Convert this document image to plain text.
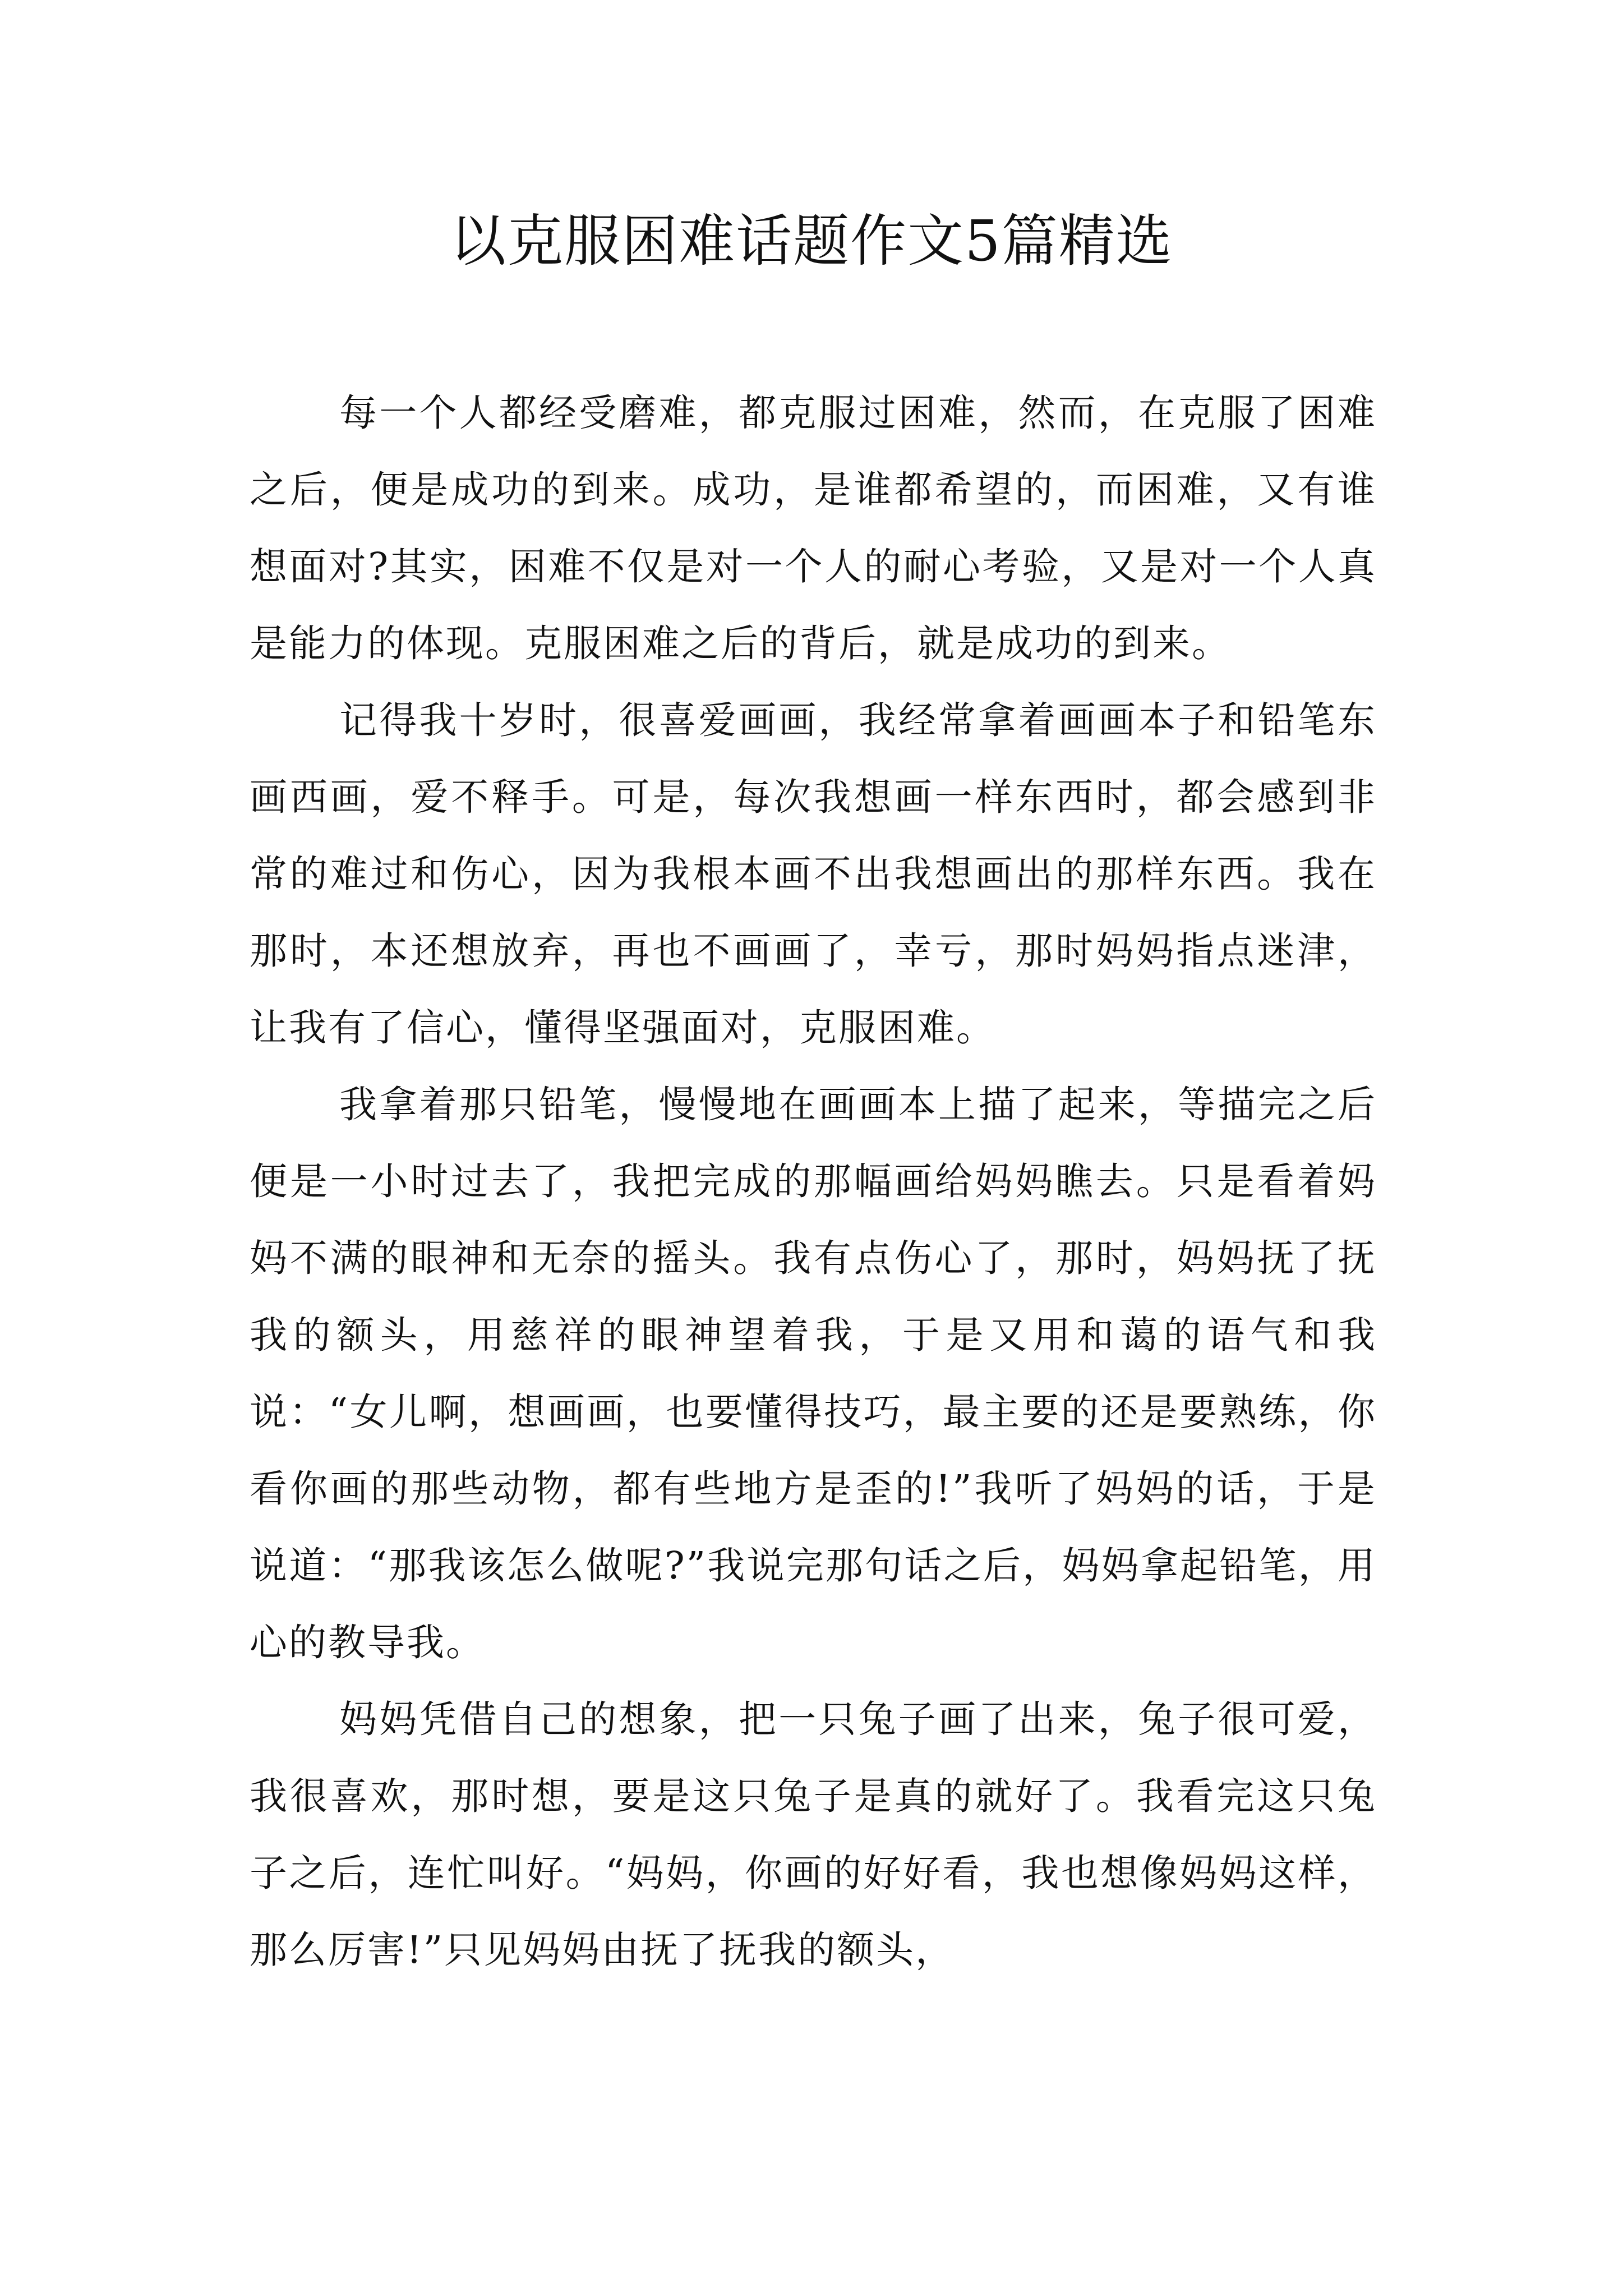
以克服困难话题作文5篇精选

每一个人都经受磨难，都克服过困难，然而，在克服了困难之后，便是成功的到来。成功，是谁都希望的，而困难，又有谁想面对?其实，困难不仅是对一个人的耐心考验，又是对一个人真是能力的体现。克服困难之后的背后，就是成功的到来。

记得我十岁时，很喜爱画画，我经常拿着画画本子和铅笔东画西画，爱不释手。可是，每次我想画一样东西时，都会感到非常的难过和伤心，因为我根本画不出我想画出的那样东西。我在那时，本还想放弃，再也不画画了，幸亏，那时妈妈指点迷津，让我有了信心，懂得坚强面对，克服困难。

我拿着那只铅笔，慢慢地在画画本上描了起来，等描完之后便是一小时过去了，我把完成的那幅画给妈妈瞧去。只是看着妈妈不满的眼神和无奈的摇头。我有点伤心了，那时，妈妈抚了抚我的额头，用慈祥的眼神望着我，于是又用和蔼的语气和我说：“女儿啊，想画画，也要懂得技巧，最主要的还是要熟练，你看你画的那些动物，都有些地方是歪的!”我听了妈妈的话，于是说道：“那我该怎么做呢?”我说完那句话之后，妈妈拿起铅笔，用心的教导我。

妈妈凭借自己的想象，把一只兔子画了出来，兔子很可爱，我很喜欢，那时想，要是这只兔子是真的就好了。我看完这只兔子之后，连忙叫好。“妈妈，你画的好好看，我也想像妈妈这样，那么厉害!”只见妈妈由抚了抚我的额头，
